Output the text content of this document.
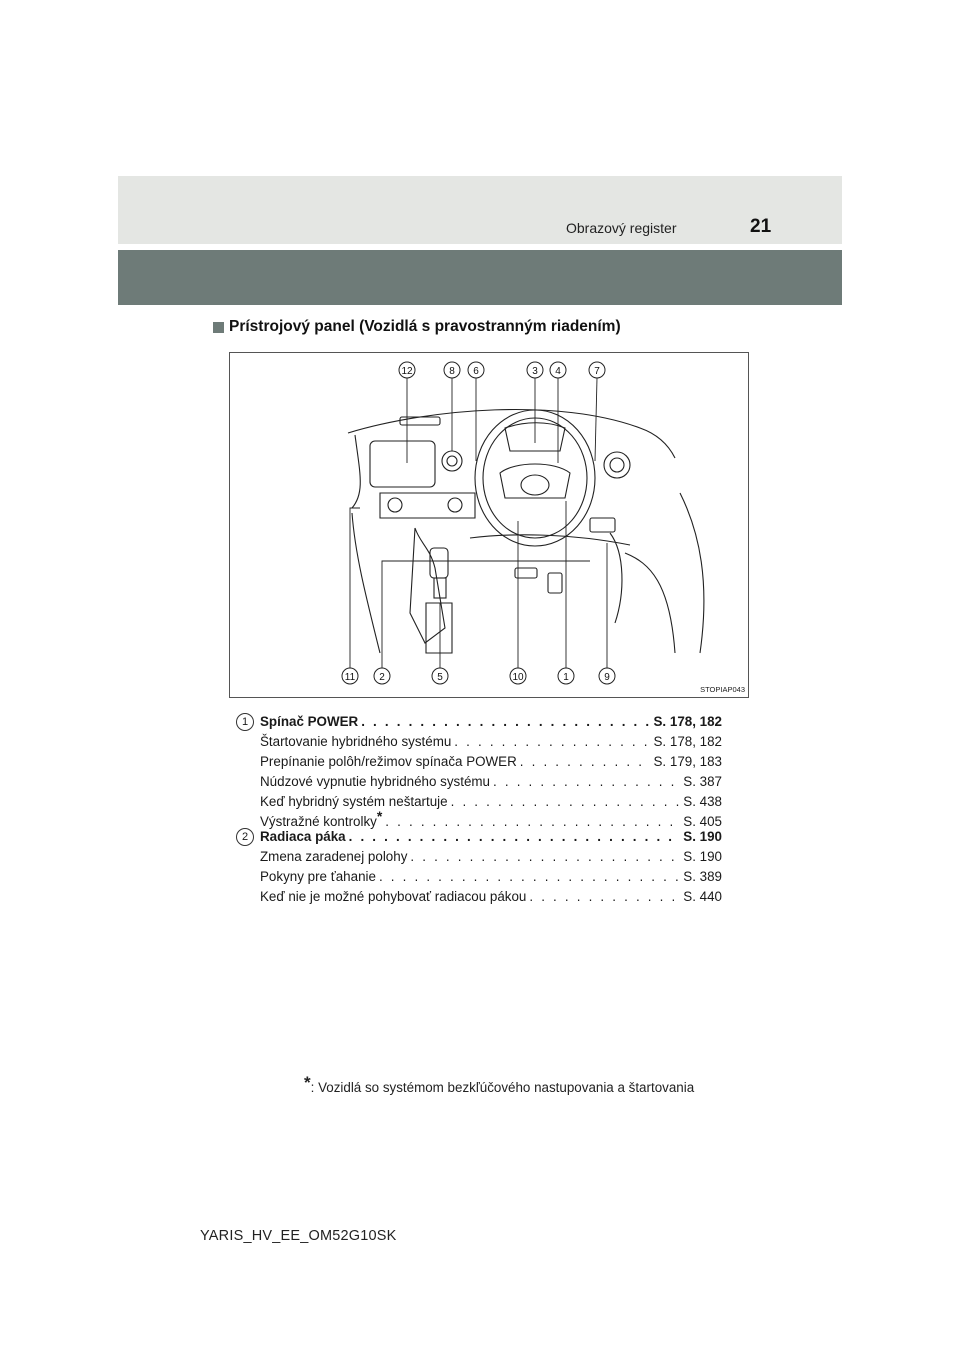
Obrazový register	21
Prístrojový panel (Vozidlá s pravostranným riadením)
12	8 6	3 4	7
11 2	5	10	1	9
STOPIAP043
1 Spínač POWER . . .	S. 178, 182
Štartovanie hybridného systému . . .	S. 178, 182
Prepínanie polôh/režimov spínača POWER . . .	S. 179, 183
Núdzové vypnutie hybridného systému . . .	S. 387
Keď hybridný systém neštartuje . . .	S. 438
Výstražné kontrolky* . . .	S. 405
2 Radiaca páka . . .	S. 190
Zmena zaradenej polohy . . .	S. 190
Pokyny pre ťahanie . . .	S. 389
Keď nie je možné pohybovať radiacou pákou . . .	S. 440
*: Vozidlá so systémom bezkľúčového nastupovania a štartovania
YARIS_HV_EE_OM52G10SK
